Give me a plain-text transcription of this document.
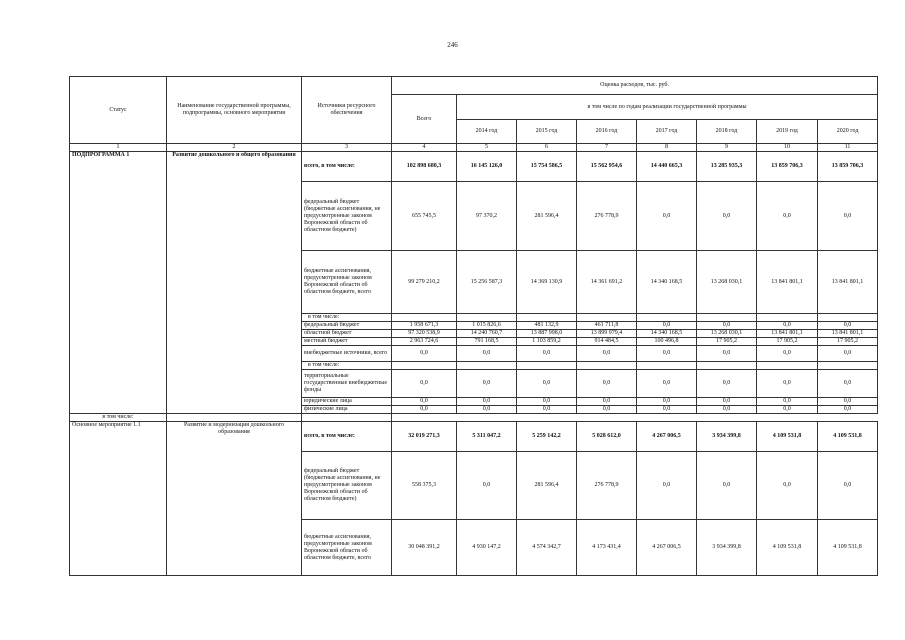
246
Статус	Наименование государственной программы, подпрограммы, основного мероприятия	Источники ресурсного обеспечения	Оценка расходов, тыс. руб.							
			Всего	в том числе по годам реализации государственной программы						
				2014 год	2015 год	2016 год	2017 год	2018 год	2019 год	2020 год
1	2	3	4	5	6	7	8	9	10	11
ПОДПРОГРАММА 1	Развитие дошкольного и общего образования	всего, в том числе:	102 898 680,3	16 145 126,0	15 754 586,5	15 562 954,6	14 440 665,3	13 285 935,3	13 859 706,3	13 859 706,3
		федеральный бюджет (бюджетные ассигнования, не предусмотренные законом Воронежской области об областном бюджете)	655 745,5	97 370,2	281 596,4	276 778,9	0,0	0,0	0,0	0,0
		бюджетные ассигнования, предусмотренные законом Воронежской области об областном бюджете, всего	99 279 210,2	15 256 587,3	14 369 130,9	14 361 691,2	14 340 168,5	13 268 030,1	13 841 801,1	13 841 801,1
		в том числе:								
		федеральный бюджет	1 958 671,3	1 015 826,6	481 132,9	461 711,8	0,0	0,0	0,0	0,0
		областной бюджет	97 320 538,9	14 240 760,7	13 887 998,0	13 899 979,4	14 340 168,5	13 268 030,1	13 841 801,1	13 841 801,1
		местный бюджет	2 963 724,6	791 168,5	1 103 859,2	914 484,5	100 496,8	17 905,2	17 905,2	17 905,2
		внебюджетные источники, всего	0,0	0,0	0,0	0,0	0,0	0,0	0,0	0,0
		в том числе:								
		территориальные государственные внебюджетные фонды	0,0	0,0	0,0	0,0	0,0	0,0	0,0	0,0
		юридические лица	0,0	0,0	0,0	0,0	0,0	0,0	0,0	0,0
		физические лица	0,0	0,0	0,0	0,0	0,0	0,0	0,0	0,0
в том числе:										
Основное мероприятие 1.1	Развитие и модернизация дошкольного образования	всего, в том числе:	32 019 271,3	5 311 047,2	5 259 142,2	5 028 612,0	4 267 006,5	3 934 399,8	4 109 531,8	4 109 531,8
		федеральный бюджет (бюджетные ассигнования, не предусмотренные законом Воронежской области об областном бюджете)	558 375,3	0,0	281 596,4	276 778,9	0,0	0,0	0,0	0,0
		бюджетные ассигнования, предусмотренные законом Воронежской области об областном бюджете, всего	30 048 391,2	4 930 147,2	4 574 342,7	4 173 431,4	4 267 006,5	3 934 399,8	4 109 531,8	4 109 531,8
